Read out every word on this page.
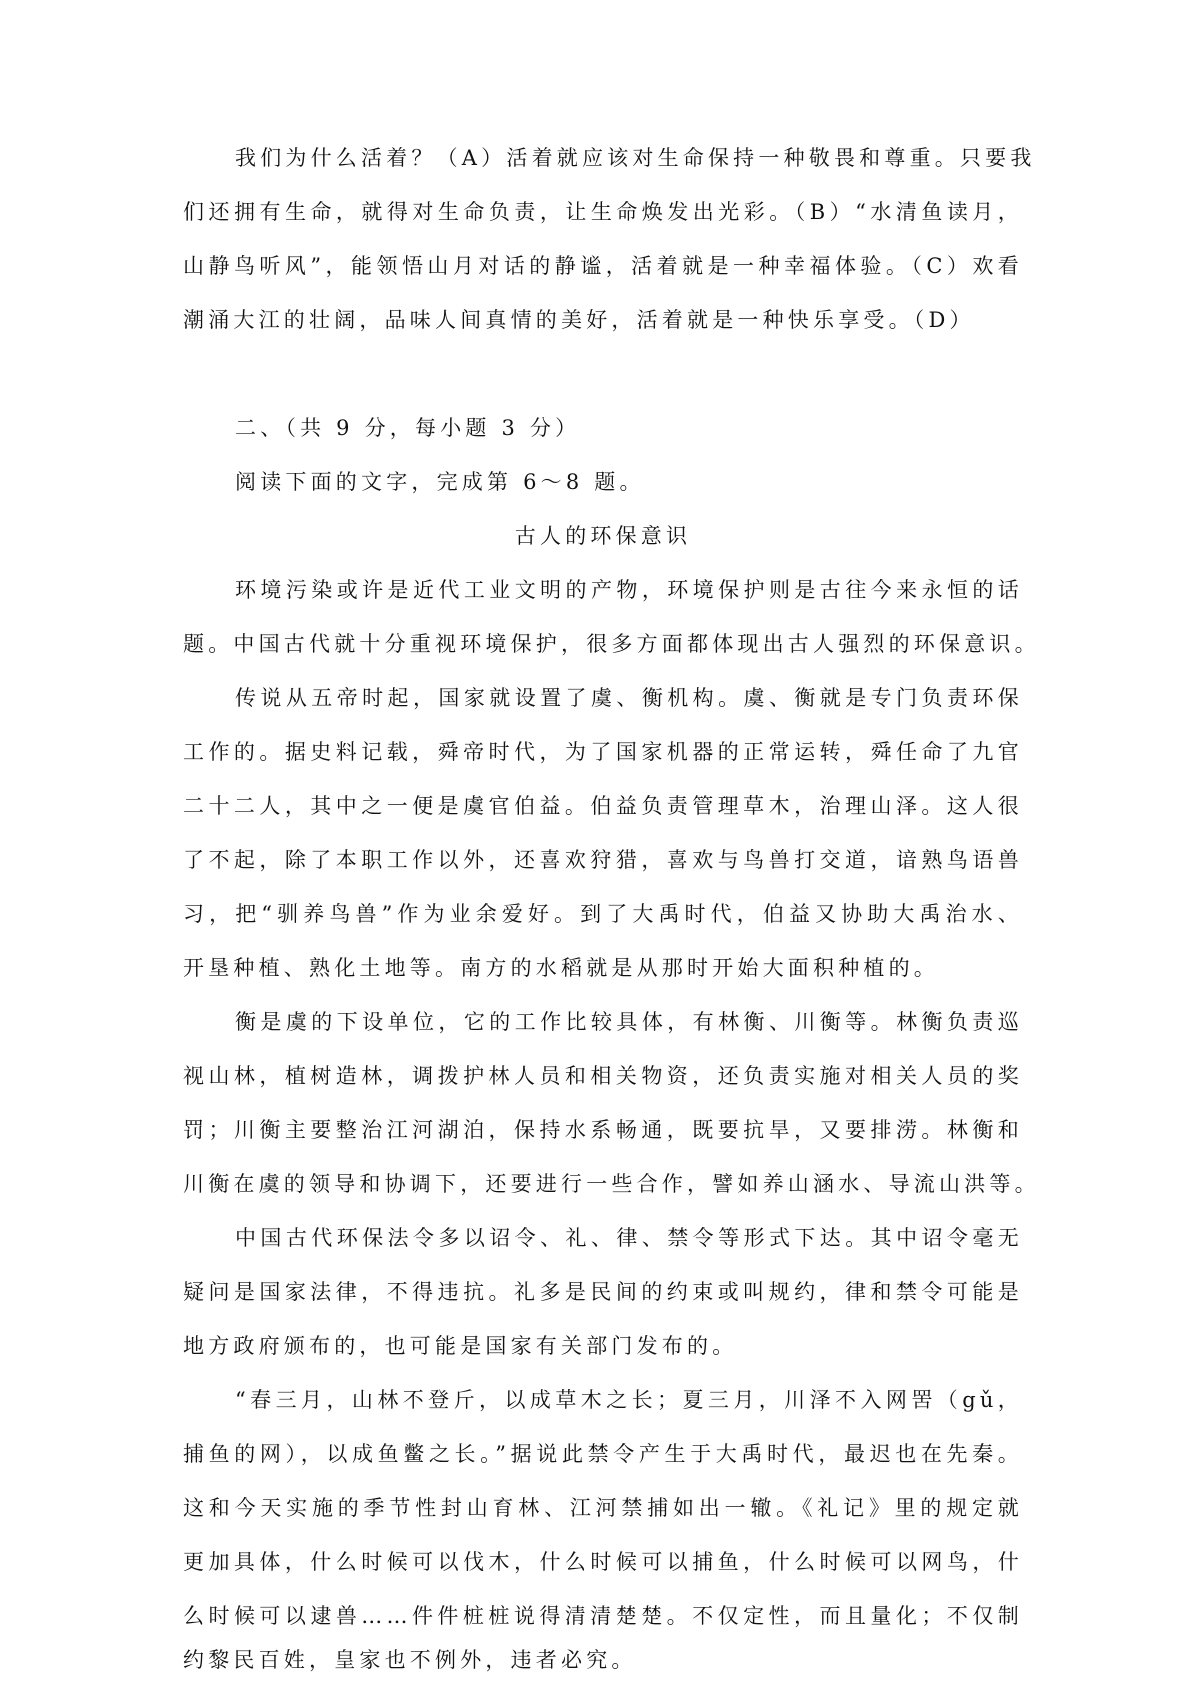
我们为什么活着？（A）活着就应该对生命保持一种敬畏和尊重。只要我
们还拥有生命，就得对生命负责，让生命焕发出光彩。（B）“水清鱼读月，
山静鸟听风”，能领悟山月对话的静谧，活着就是一种幸福体验。（C）欢看
潮涌大江的壮阔，品味人间真情的美好，活着就是一种快乐享受。（D）
二、（共 9 分，每小题 3 分）
阅读下面的文字，完成第 6～8 题。
古人的环保意识
环境污染或许是近代工业文明的产物，环境保护则是古往今来永恒的话
题。中国古代就十分重视环境保护，很多方面都体现出古人强烈的环保意识。
传说从五帝时起，国家就设置了虞、衡机构。虞、衡就是专门负责环保
工作的。据史料记载，舜帝时代，为了国家机器的正常运转，舜任命了九官
二十二人，其中之一便是虞官伯益。伯益负责管理草木，治理山泽。这人很
了不起，除了本职工作以外，还喜欢狩猎，喜欢与鸟兽打交道，谙熟鸟语兽
习，把“驯养鸟兽”作为业余爱好。到了大禹时代，伯益又协助大禹治水、
开垦种植、熟化土地等。南方的水稻就是从那时开始大面积种植的。
衡是虞的下设单位，它的工作比较具体，有林衡、川衡等。林衡负责巡
视山林，植树造林，调拨护林人员和相关物资，还负责实施对相关人员的奖
罚；川衡主要整治江河湖泊，保持水系畅通，既要抗旱，又要排涝。林衡和
川衡在虞的领导和协调下，还要进行一些合作，譬如养山涵水、导流山洪等。
中国古代环保法令多以诏令、礼、律、禁令等形式下达。其中诏令毫无
疑问是国家法律，不得违抗。礼多是民间的约束或叫规约，律和禁令可能是
地方政府颁布的，也可能是国家有关部门发布的。
“春三月，山林不登斤，以成草木之长；夏三月，川泽不入网罟（gǔ，
捕鱼的网），以成鱼鳖之长。”据说此禁令产生于大禹时代，最迟也在先秦。
这和今天实施的季节性封山育林、江河禁捕如出一辙。《礼记》里的规定就
更加具体，什么时候可以伐木，什么时候可以捕鱼，什么时候可以网鸟，什
么时候可以逮兽……件件桩桩说得清清楚楚。不仅定性，而且量化；不仅制
约黎民百姓，皇家也不例外，违者必究。
